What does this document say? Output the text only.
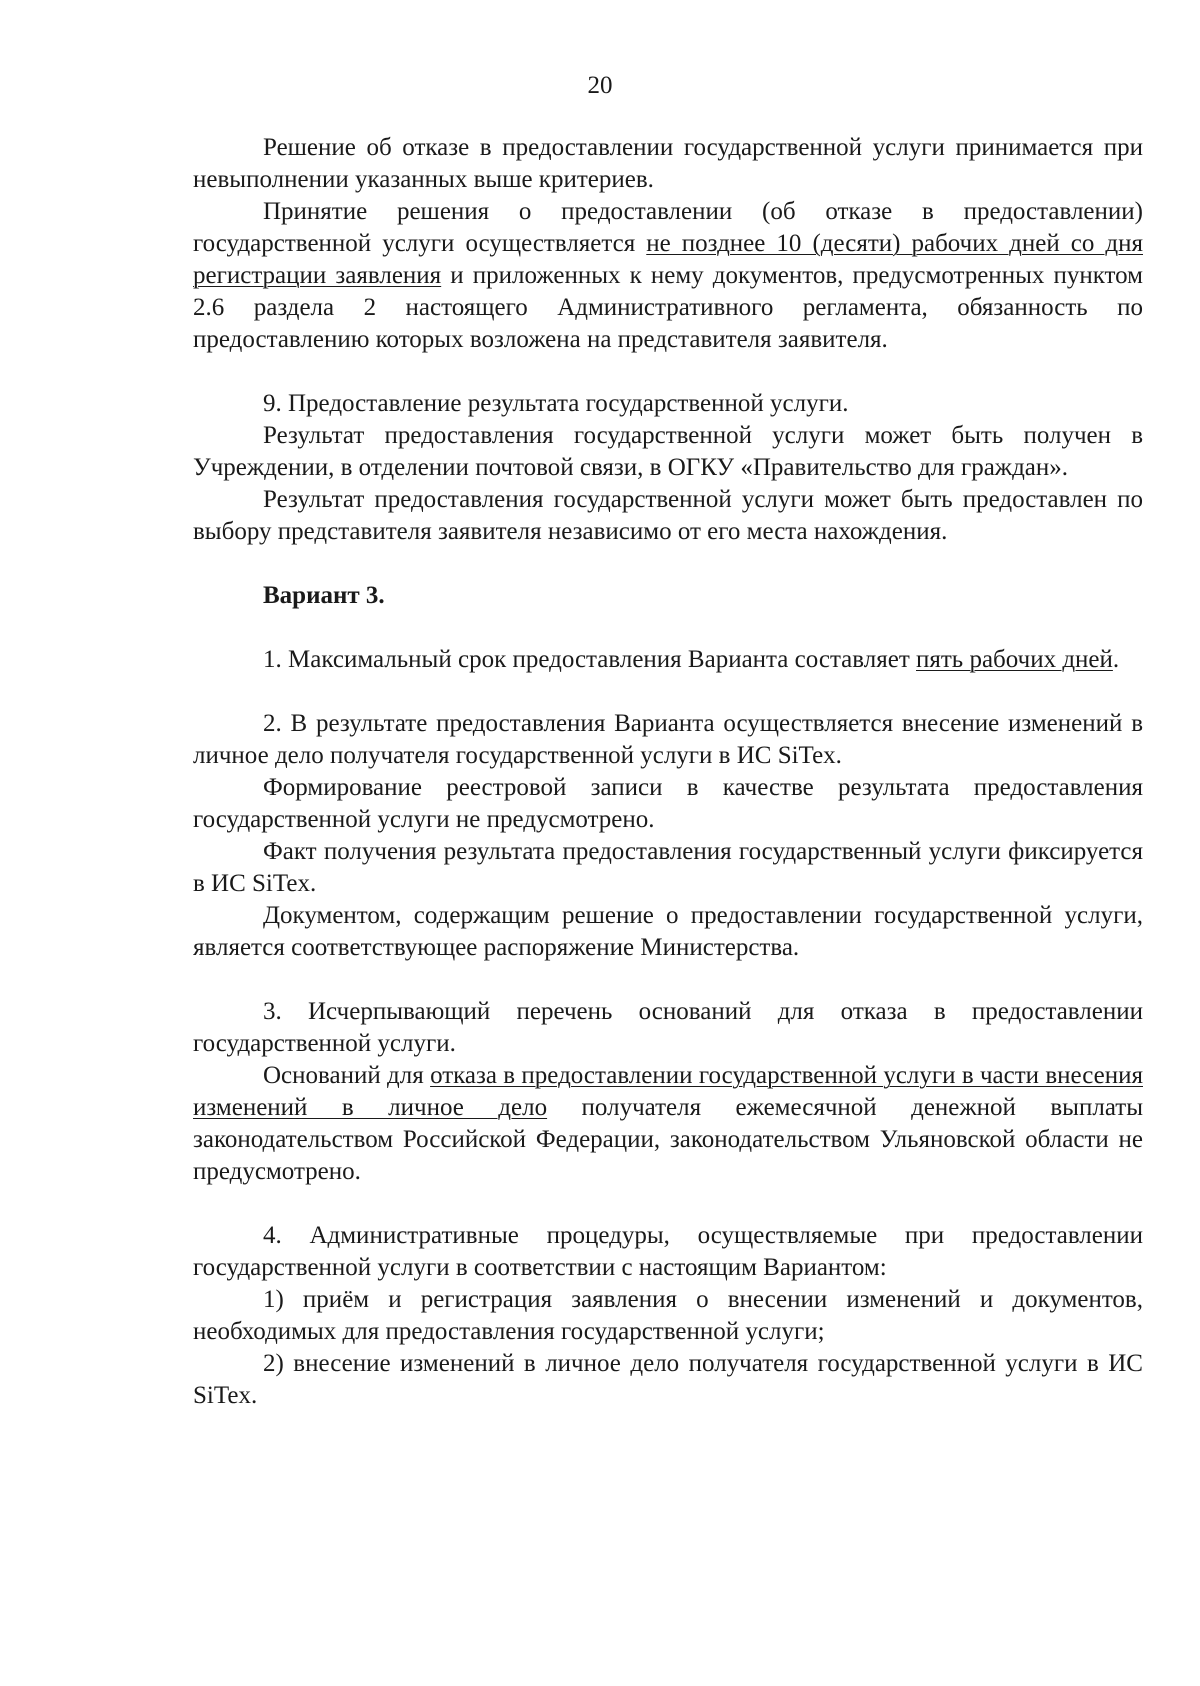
20

Решение об отказе в предоставлении государственной услуги принимается при невыполнении указанных выше критериев.

Принятие решения о предоставлении (об отказе в предоставлении) государственной услуги осуществляется не позднее 10 (десяти) рабочих дней со дня регистрации заявления и приложенных к нему документов, предусмотренных пунктом 2.6 раздела 2 настоящего Административного регламента, обязанность по предоставлению которых возложена на представителя заявителя.

9. Предоставление результата государственной услуги.

Результат предоставления государственной услуги может быть получен в Учреждении, в отделении почтовой связи, в ОГКУ «Правительство для граждан».

Результат предоставления государственной услуги может быть предоставлен по выбору представителя заявителя независимо от его места нахождения.

Вариант 3.

1. Максимальный срок предоставления Варианта составляет пять рабочих дней.

2. В результате предоставления Варианта осуществляется внесение изменений в личное дело получателя государственной услуги в ИС SiTex.

Формирование реестровой записи в качестве результата предоставления государственной услуги не предусмотрено.

Факт получения результата предоставления государственный услуги фиксируется в ИС SiTex.

Документом, содержащим решение о предоставлении государственной услуги, является соответствующее распоряжение Министерства.

3. Исчерпывающий перечень оснований для отказа в предоставлении государственной услуги.

Оснований для отказа в предоставлении государственной услуги в части внесения изменений в личное дело получателя ежемесячной денежной выплаты законодательством Российской Федерации, законодательством Ульяновской области не предусмотрено.

4. Административные процедуры, осуществляемые при предоставлении государственной услуги в соответствии с настоящим Вариантом:

1) приём и регистрация заявления о внесении изменений и документов, необходимых для предоставления государственной услуги;

2) внесение изменений в личное дело получателя государственной услуги в ИС SiTex.
